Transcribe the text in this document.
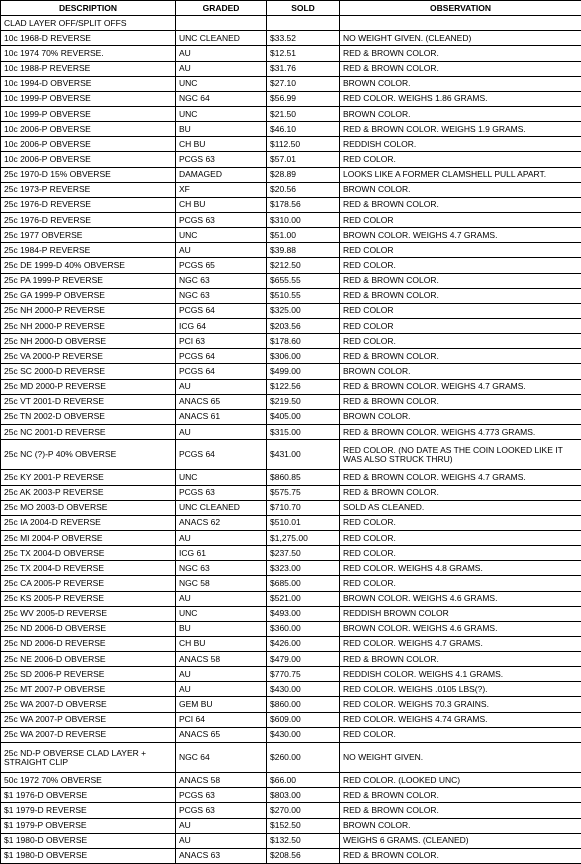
DESCRIPTION	GRADED	SOLD	OBSERVATION
CLAD LAYER OFF/SPLIT OFFS			
10c 1968-D REVERSE	UNC CLEANED	$33.52	NO WEIGHT GIVEN. (CLEANED)
10c 1974 70% REVERSE.	AU	$12.51	RED & BROWN COLOR.
10c 1988-P REVERSE	AU	$31.76	RED & BROWN COLOR.
10c 1994-D OBVERSE	UNC	$27.10	BROWN COLOR.
10c 1999-P OBVERSE	NGC 64	$56.99	RED COLOR. WEIGHS 1.86 GRAMS.
10c 1999-P OBVERSE	UNC	$21.50	BROWN COLOR.
10c 2006-P OBVERSE	BU	$46.10	RED & BROWN COLOR. WEIGHS 1.9 GRAMS.
10c 2006-P OBVERSE	CH BU	$112.50	REDDISH COLOR.
10c 2006-P OBVERSE	PCGS 63	$57.01	RED COLOR.
25c 1970-D 15% OBVERSE	DAMAGED	$28.89	LOOKS LIKE A FORMER CLAMSHELL PULL APART.
25c 1973-P REVERSE	XF	$20.56	BROWN COLOR.
25c 1976-D REVERSE	CH BU	$178.56	RED & BROWN COLOR.
25c 1976-D REVERSE	PCGS 63	$310.00	RED COLOR
25c 1977 OBVERSE	UNC	$51.00	BROWN COLOR. WEIGHS 4.7 GRAMS.
25c 1984-P REVERSE	AU	$39.88	RED COLOR
25c DE 1999-D 40% OBVERSE	PCGS 65	$212.50	RED COLOR.
25c PA 1999-P REVERSE	NGC 63	$655.55	RED & BROWN COLOR.
25c GA 1999-P OBVERSE	NGC 63	$510.55	RED & BROWN COLOR.
25c NH 2000-P REVERSE	PCGS 64	$325.00	RED COLOR
25c NH 2000-P REVERSE	ICG 64	$203.56	RED COLOR
25c NH 2000-D OBVERSE	PCI 63	$178.60	RED COLOR.
25c VA 2000-P REVERSE	PCGS 64	$306.00	RED & BROWN COLOR.
25c SC 2000-D REVERSE	PCGS 64	$499.00	BROWN COLOR.
25c MD 2000-P REVERSE	AU	$122.56	RED & BROWN COLOR. WEIGHS 4.7 GRAMS.
25c VT 2001-D REVERSE	ANACS 65	$219.50	RED & BROWN COLOR.
25c TN 2002-D OBVERSE	ANACS 61	$405.00	BROWN COLOR.
25c NC 2001-D REVERSE	AU	$315.00	RED & BROWN COLOR. WEIGHS 4.773 GRAMS.
25c NC (?)-P 40% OBVERSE	PCGS 64	$431.00	RED COLOR. (NO DATE AS THE COIN LOOKED LIKE IT WAS ALSO STRUCK THRU)
25c KY 2001-P REVERSE	UNC	$860.85	RED & BROWN COLOR. WEIGHS 4.7 GRAMS.
25c AK 2003-P REVERSE	PCGS 63	$575.75	RED & BROWN COLOR.
25c MO 2003-D OBVERSE	UNC CLEANED	$710.70	SOLD AS CLEANED.
25c IA 2004-D REVERSE	ANACS 62	$510.01	RED COLOR.
25c MI 2004-P OBVERSE	AU	$1,275.00	RED COLOR.
25c TX 2004-D OBVERSE	ICG 61	$237.50	RED COLOR.
25c TX 2004-D REVERSE	NGC 63	$323.00	RED COLOR. WEIGHS 4.8 GRAMS.
25c CA 2005-P REVERSE	NGC 58	$685.00	RED COLOR.
25c KS 2005-P REVERSE	AU	$521.00	BROWN COLOR. WEIGHS 4.6 GRAMS.
25c WV 2005-D REVERSE	UNC	$493.00	REDDISH BROWN COLOR
25c ND 2006-D OBVERSE	BU	$360.00	BROWN COLOR. WEIGHS 4.6 GRAMS.
25c ND 2006-D REVERSE	CH BU	$426.00	RED COLOR. WEIGHS 4.7 GRAMS.
25c NE 2006-D OBVERSE	ANACS 58	$479.00	RED & BROWN COLOR.
25c SD 2006-P REVERSE	AU	$770.75	REDDISH COLOR. WEIGHS 4.1 GRAMS.
25c MT 2007-P OBVERSE	AU	$430.00	RED COLOR. WEIGHS .0105 LBS(?).
25c WA 2007-D OBVERSE	GEM BU	$860.00	RED COLOR. WEIGHS 70.3 GRAINS.
25c WA 2007-P OBVERSE	PCI 64	$609.00	RED COLOR. WEIGHS 4.74 GRAMS.
25c WA 2007-D REVERSE	ANACS 65	$430.00	RED COLOR.
25c ND-P OBVERSE CLAD LAYER + STRAIGHT CLIP	NGC 64	$260.00	NO WEIGHT GIVEN.
50c 1972 70% OBVERSE	ANACS 58	$66.00	RED COLOR. (LOOKED UNC)
$1 1976-D OBVERSE	PCGS 63	$803.00	RED & BROWN COLOR.
$1 1979-D REVERSE	PCGS 63	$270.00	RED & BROWN COLOR.
$1 1979-P OBVERSE	AU	$152.50	BROWN COLOR.
$1 1980-D OBVERSE	AU	$132.50	WEIGHS 6 GRAMS. (CLEANED)
$1 1980-D OBVERSE	ANACS 63	$208.56	RED & BROWN COLOR.
